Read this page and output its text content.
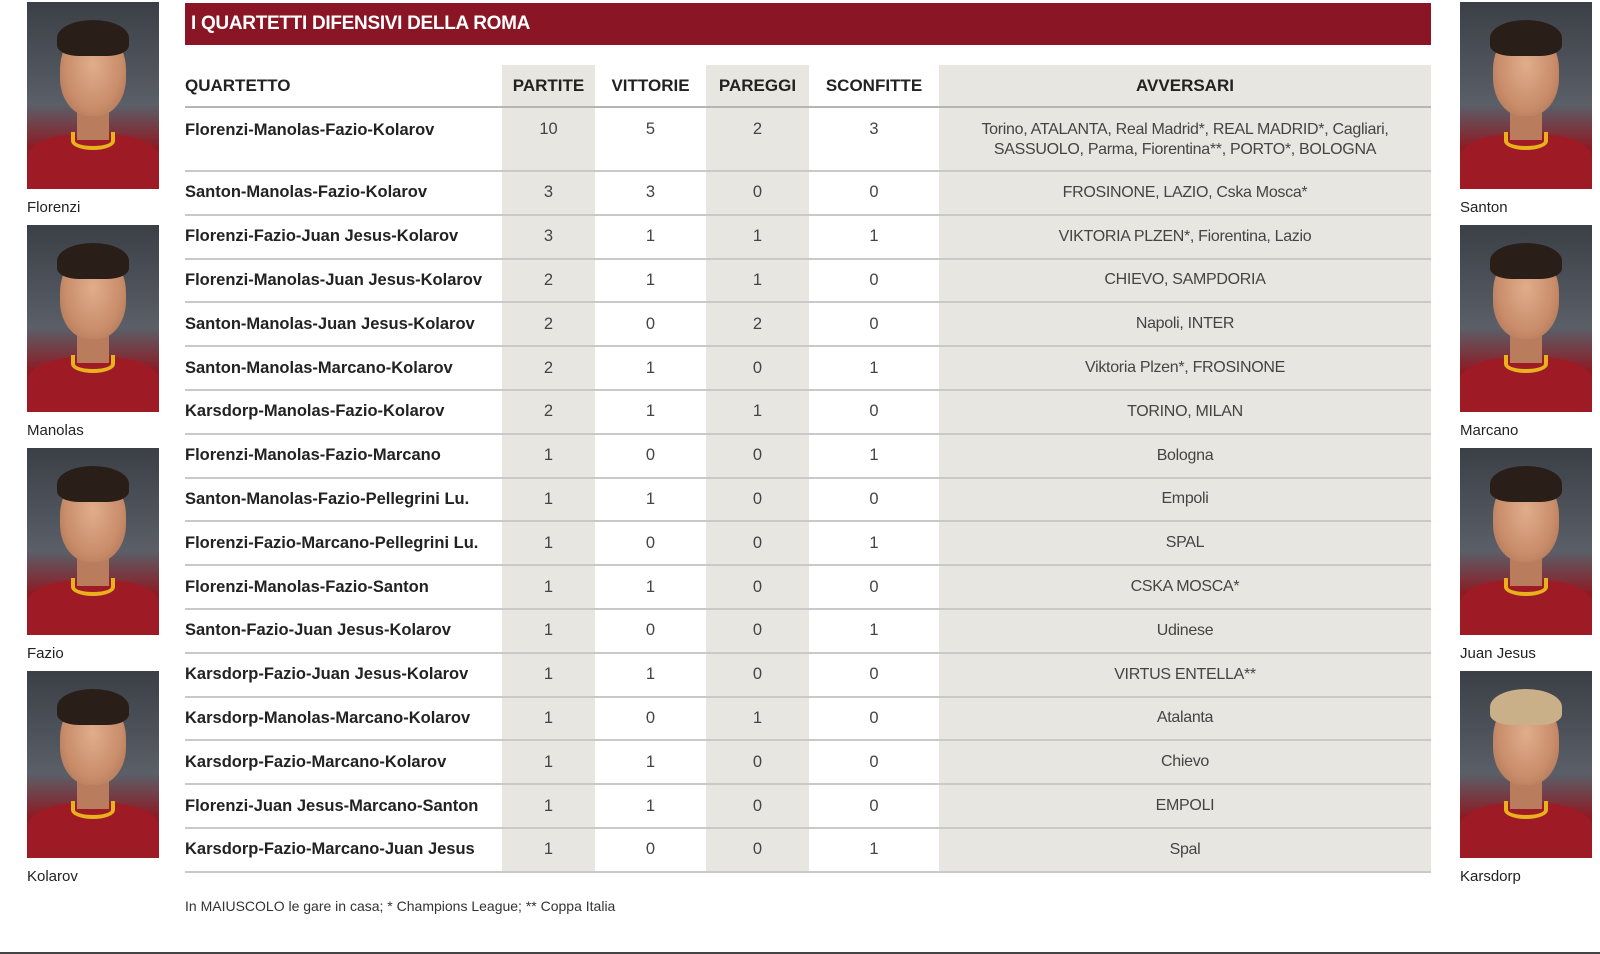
Florenzi
Manolas
Fazio
Kolarov
Santon
Marcano
Juan Jesus
Karsdorp
I QUARTETTI DIFENSIVI DELLA ROMA
QUARTETTO	PARTITE	VITTORIE	PAREGGI	SCONFITTE	AVVERSARI
Florenzi-Manolas-Fazio-Kolarov	10	5	2	3	Torino, ATALANTA, Real Madrid*, REAL MADRID*, Cagliari, SASSUOLO, Parma, Fiorentina**, PORTO*, BOLOGNA
Santon-Manolas-Fazio-Kolarov	3	3	0	0	FROSINONE, LAZIO, Cska Mosca*
Florenzi-Fazio-Juan Jesus-Kolarov	3	1	1	1	VIKTORIA PLZEN*, Fiorentina, Lazio
Florenzi-Manolas-Juan Jesus-Kolarov	2	1	1	0	CHIEVO, SAMPDORIA
Santon-Manolas-Juan Jesus-Kolarov	2	0	2	0	Napoli, INTER
Santon-Manolas-Marcano-Kolarov	2	1	0	1	Viktoria Plzen*, FROSINONE
Karsdorp-Manolas-Fazio-Kolarov	2	1	1	0	TORINO, MILAN
Florenzi-Manolas-Fazio-Marcano	1	0	0	1	Bologna
Santon-Manolas-Fazio-Pellegrini Lu.	1	1	0	0	Empoli
Florenzi-Fazio-Marcano-Pellegrini Lu.	1	0	0	1	SPAL
Florenzi-Manolas-Fazio-Santon	1	1	0	0	CSKA MOSCA*
Santon-Fazio-Juan Jesus-Kolarov	1	0	0	1	Udinese
Karsdorp-Fazio-Juan Jesus-Kolarov	1	1	0	0	VIRTUS ENTELLA**
Karsdorp-Manolas-Marcano-Kolarov	1	0	1	0	Atalanta
Karsdorp-Fazio-Marcano-Kolarov	1	1	0	0	Chievo
Florenzi-Juan Jesus-Marcano-Santon	1	1	0	0	EMPOLI
Karsdorp-Fazio-Marcano-Juan Jesus	1	0	0	1	Spal
In MAIUSCOLO le gare in casa; * Champions League; ** Coppa Italia
